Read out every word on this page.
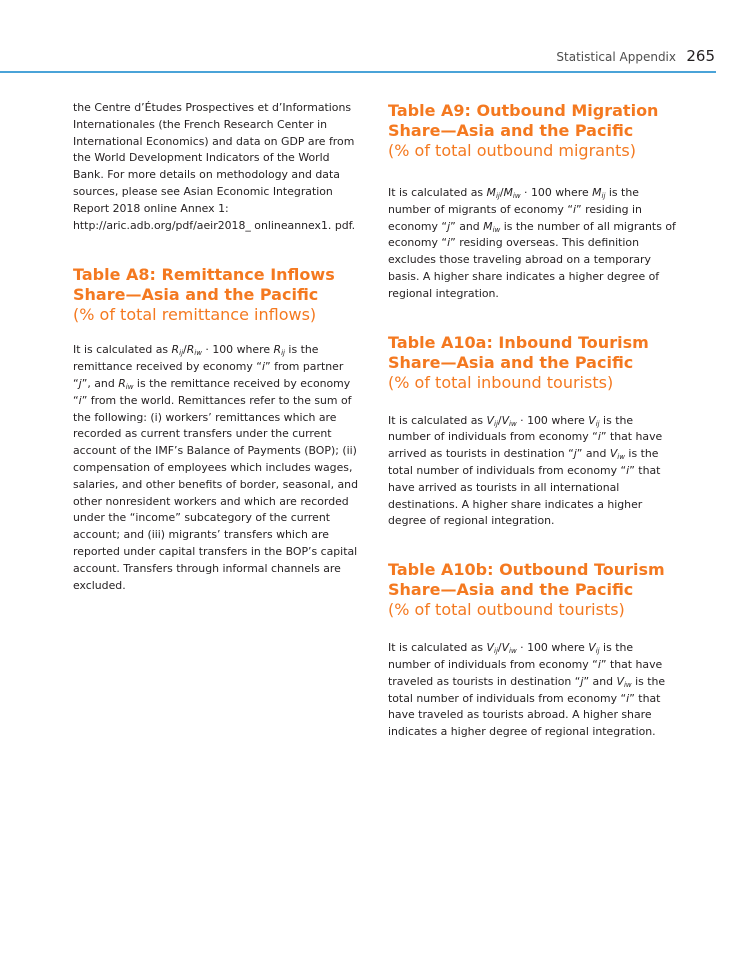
Statistical Appendix 265

the Centre d’Études Prospectives et d’Informations Internationales (the French Research Center in International Economics) and data on GDP are from the World Development Indicators of the World Bank. For more details on methodology and data sources, please see Asian Economic Integration Report 2018 online Annex 1: http://aric.adb.org/pdf/aeir2018_ onlineannex1. pdf.

Table A8: Remittance Inflows
Share—Asia and the Pacific
(% of total remittance inflows)

It is calculated as $R_{ij}/R_{iw} \cdot 100$ where $R_{ij}$ is the remittance received by economy “i” from partner “j”, and $R_{iw}$ is the remittance received by economy “i” from the world. Remittances refer to the sum of the following: (i) workers’ remittances which are recorded as current transfers under the current account of the IMF’s Balance of Payments (BOP); (ii) compensation of employees which includes wages, salaries, and other benefits of border, seasonal, and other nonresident workers and which are recorded under the “income” subcategory of the current account; and (iii) migrants’ transfers which are reported under capital transfers in the BOP’s capital account. Transfers through informal channels are excluded.

Table A9: Outbound Migration
Share—Asia and the Pacific
(% of total outbound migrants)

It is calculated as $M_{ij}/M_{iw} \cdot 100$ where $M_{ij}$ is the number of migrants of economy “i” residing in economy “j” and $M_{iw}$ is the number of all migrants of economy “i” residing overseas. This definition excludes those traveling abroad on a temporary basis. A higher share indicates a higher degree of regional integration.

Table A10a: Inbound Tourism
Share—Asia and the Pacific
(% of total inbound tourists)

It is calculated as $V_{ij}/V_{iw} \cdot 100$ where $V_{ij}$ is the number of individuals from economy “i” that have arrived as tourists in destination “j” and $V_{iw}$ is the total number of individuals from economy “i” that have arrived as tourists in all international destinations. A higher share indicates a higher degree of regional integration.

Table A10b: Outbound Tourism
Share—Asia and the Pacific
(% of total outbound tourists)

It is calculated as $V_{ij}/V_{iw} \cdot 100$ where $V_{ij}$ is the number of individuals from economy “i” that have traveled as tourists in destination “j” and $V_{iw}$ is the total number of individuals from economy “i” that have traveled as tourists abroad. A higher share indicates a higher degree of regional integration.
